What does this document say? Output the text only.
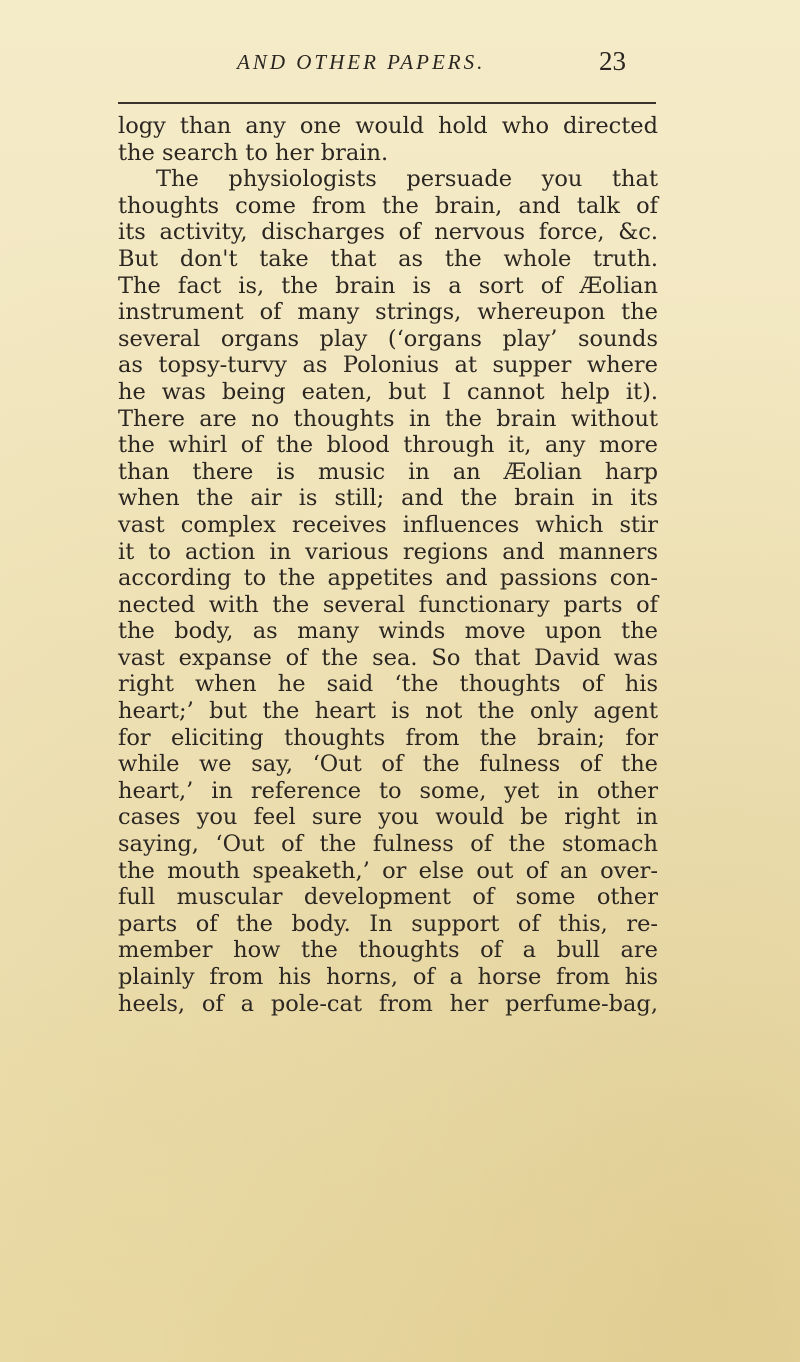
AND OTHER PAPERS.	23
logy than any one would hold who directed
the search to her brain.
The physiologists persuade you that
thoughts come from the brain, and talk of
its activity, discharges of nervous force, &c.
But don't take that as the whole truth.
The fact is, the brain is a sort of Æolian
instrument of many strings, whereupon the
several organs play (‘organs play’ sounds
as topsy-turvy as Polonius at supper where
he was being eaten, but I cannot help it).
There are no thoughts in the brain without
the whirl of the blood through it, any more
than there is music in an Æolian harp
when the air is still; and the brain in its
vast complex receives influences which stir
it to action in various regions and manners
according to the appetites and passions con-
nected with the several functionary parts of
the body, as many winds move upon the
vast expanse of the sea. So that David was
right when he said ‘the thoughts of his
heart;’ but the heart is not the only agent
for eliciting thoughts from the brain; for
while we say, ‘Out of the fulness of the
heart,’ in reference to some, yet in other
cases you feel sure you would be right in
saying, ‘Out of the fulness of the stomach
the mouth speaketh,’ or else out of an over-
full muscular development of some other
parts of the body. In support of this, re-
member how the thoughts of a bull are
plainly from his horns, of a horse from his
heels, of a pole-cat from her perfume-bag,
